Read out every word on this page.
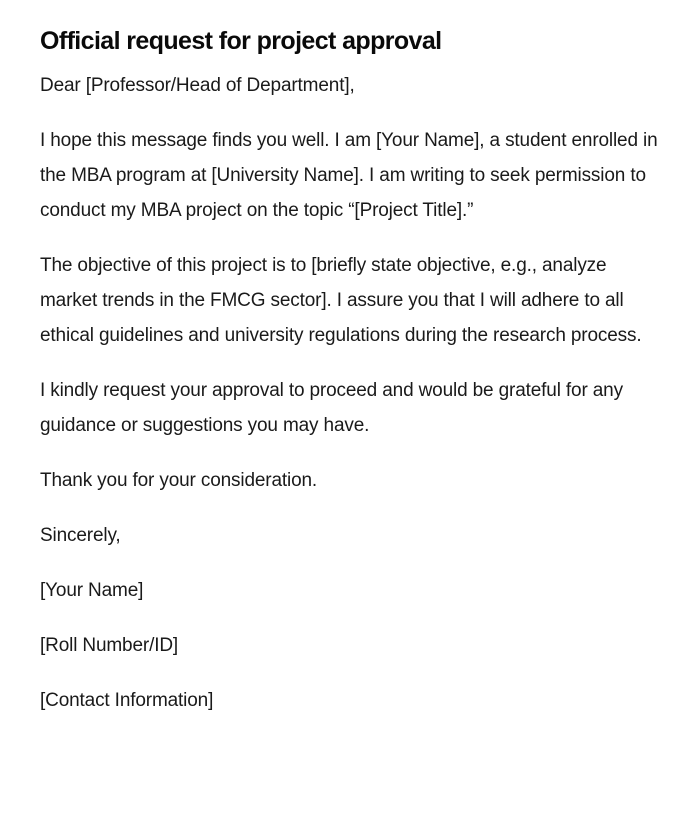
Official request for project approval

Dear [Professor/Head of Department],

I hope this message finds you well. I am [Your Name], a student enrolled in the MBA program at [University Name]. I am writing to seek permission to conduct my MBA project on the topic “[Project Title].”

The objective of this project is to [briefly state objective, e.g., analyze market trends in the FMCG sector]. I assure you that I will adhere to all ethical guidelines and university regulations during the research process.

I kindly request your approval to proceed and would be grateful for any guidance or suggestions you may have.

Thank you for your consideration.

Sincerely,

[Your Name]

[Roll Number/ID]

[Contact Information]
